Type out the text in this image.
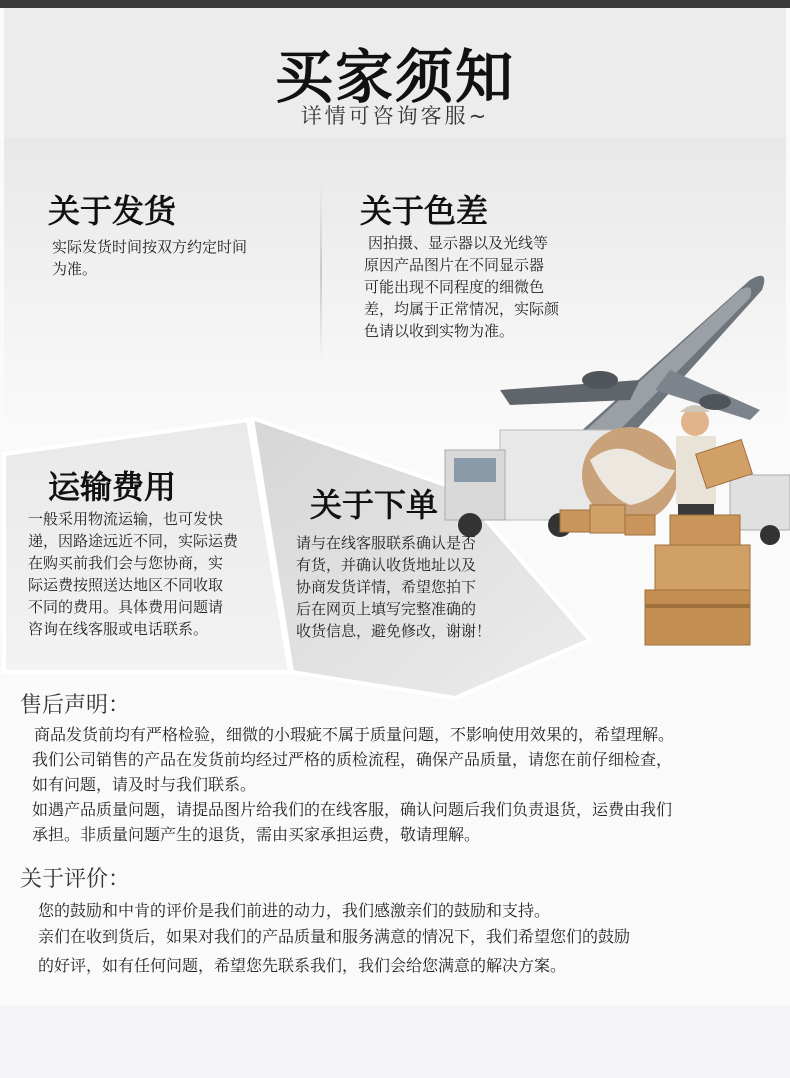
买家须知
详情可咨询客服~
关于发货
实际发货时间按双方约定时间
为准。
关于色差
因拍摄、显示器以及光线等
原因产品图片在不同显示器
可能出现不同程度的细微色
差，均属于正常情况，实际颜
色请以收到实物为准。
运输费用
一般采用物流运输，也可发快
递，因路途远近不同，实际运费
在购买前我们会与您协商，实
际运费按照送达地区不同收取
不同的费用。具体费用问题请
咨询在线客服或电话联系。
关于下单
请与在线客服联系确认是否
有货，并确认收货地址以及
协商发货详情，希望您拍下
后在网页上填写完整准确的
收货信息，避免修改，谢谢！
售后声明：
商品发货前均有严格检验，细微的小瑕疵不属于质量问题，不影响使用效果的，希望理解。
我们公司销售的产品在发货前均经过严格的质检流程，确保产品质量，请您在前仔细检查，
如有问题，请及时与我们联系。
如遇产品质量问题，请提品图片给我们的在线客服，确认问题后我们负责退货，运费由我们
承担。非质量问题产生的退货，需由买家承担运费，敬请理解。
关于评价：
您的鼓励和中肯的评价是我们前进的动力，我们感激亲们的鼓励和支持。
亲们在收到货后，如果对我们的产品质量和服务满意的情况下，我们希望您们的鼓励
的好评，如有任何问题，希望您先联系我们，我们会给您满意的解决方案。
